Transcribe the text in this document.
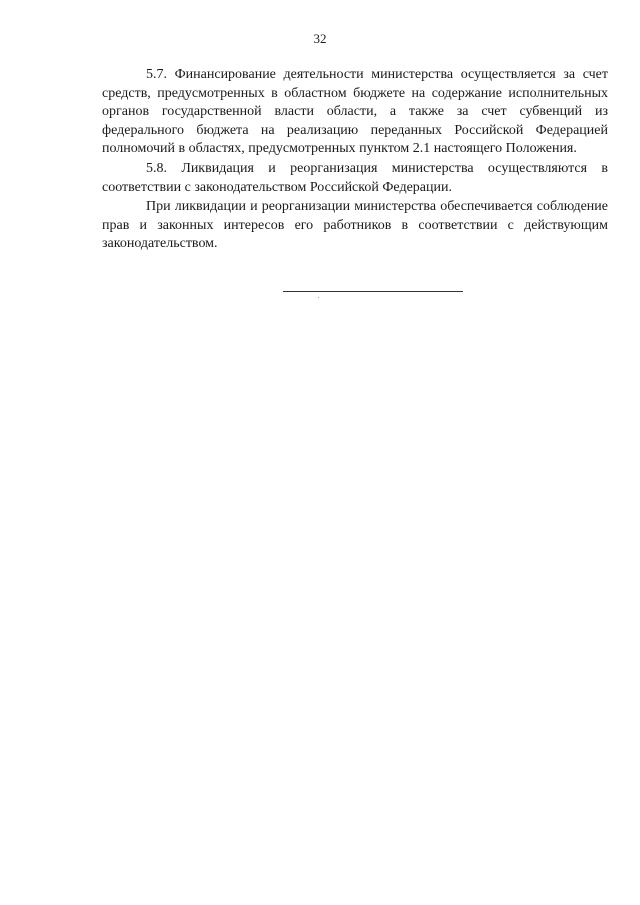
32

5.7. Финансирование деятельности министерства осуществляется за счет средств, предусмотренных в областном бюджете на содержание исполнительных органов государственной власти области, а также за счет субвенций из федерального бюджета на реализацию переданных Российской Федерацией полномочий в областях, предусмотренных пунктом 2.1 настоящего Положения.

5.8. Ликвидация и реорганизация министерства осуществляются в соответствии с законодательством Российской Федерации.

При ликвидации и реорганизации министерства обеспечивается соблюдение прав и законных интересов его работников в соответствии с действующим законодательством.
